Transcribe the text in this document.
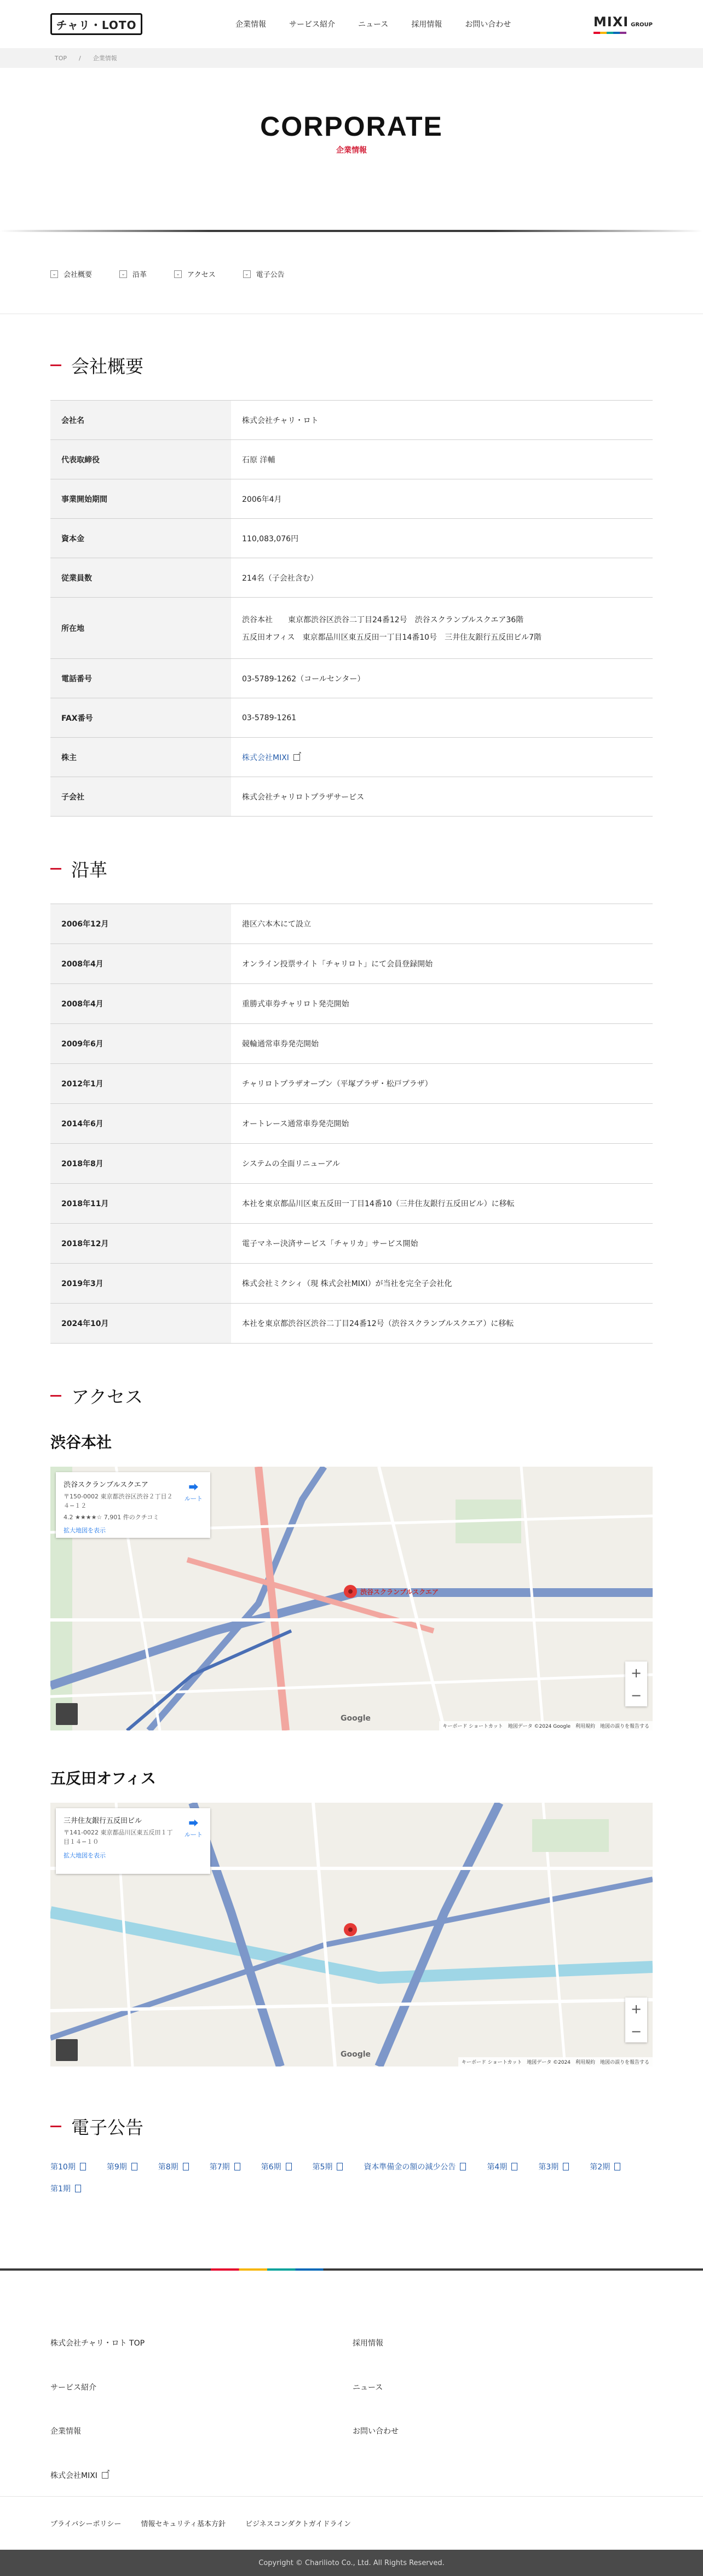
チャリ・LOTO	企業情報	サービス紹介	ニュース	採用情報	お問い合わせ	MIXI GROUP
TOP / 企業情報
CORPORATE
企業情報
⌄ 会社概要	⌄ 沿革	⌄ アクセス	⌄ 電子公告
会社概要
会社名	株式会社チャリ・ロト
代表取締役	石原 洋輔
事業開始期間	2006年4月
資本金	110,083,076円
従業員数	214名（子会社含む）
所在地	渋谷本社　　東京都渋谷区渋谷二丁目24番12号　渋谷スクランブルスクエア36階
五反田オフィス　東京都品川区東五反田一丁目14番10号　三井住友銀行五反田ビル7階

電話番号	03-5789-1262（コールセンター）
FAX番号	03-5789-1261
株主	株式会社MIXI↗
子会社	株式会社チャリロトプラザサービス
沿革
2006年12月	港区六本木にて設立
2008年4月	オンライン投票サイト「チャリロト」にて会員登録開始
2008年4月	重勝式車券チャリロト発売開始
2009年6月	競輪通常車券発売開始
2012年1月	チャリロトプラザオープン（平塚プラザ・松戸プラザ）
2014年6月	オートレース通常車券発売開始
2018年8月	システムの全面リニューアル
2018年11月	本社を東京都品川区東五反田一丁目14番10（三井住友銀行五反田ビル）に移転
2018年12月	電子マネー決済サービス「チャリカ」サービス開始
2019年3月	株式会社ミクシィ（現 株式会社MIXI）が当社を完全子会社化
2024年10月	本社を東京都渋谷区渋谷二丁目24番12号（渋谷スクランブルスクエア）に移転
アクセス
渋谷本社
渋谷スクランブルスクエア
渋谷スクランブルスクエア
〒150-0002 東京都渋谷区渋谷２丁目２４−１２
4.2 ★★★★☆ 7,901 件のクチコミ
拡大地図を表示
⮕
ルート
+
−
Google
キーボード ショートカット　地図データ ©2024 Google　利用規約　地図の誤りを報告する
五反田オフィス
三井住友銀行五反田ビル
〒141-0022 東京都品川区東五反田１丁目１４−１０
拡大地図を表示
⮕
ルート
+
−
Google
キーボード ショートカット　地図データ ©2024　利用規約　地図の誤りを報告する
電子公告
第10期	第9期	第8期	第7期	第6期	第5期	資本準備金の額の減少公告	第4期	第3期	第2期
第1期
株式会社チャリ・ロト TOP	採用情報
サービス紹介	ニュース
企業情報	お問い合わせ
株式会社MIXI↗
プライバシーポリシー	情報セキュリティ基本方針	ビジネスコンダクトガイドライン
Copyright © Charilioto Co., Ltd. All Rights Reserved.
